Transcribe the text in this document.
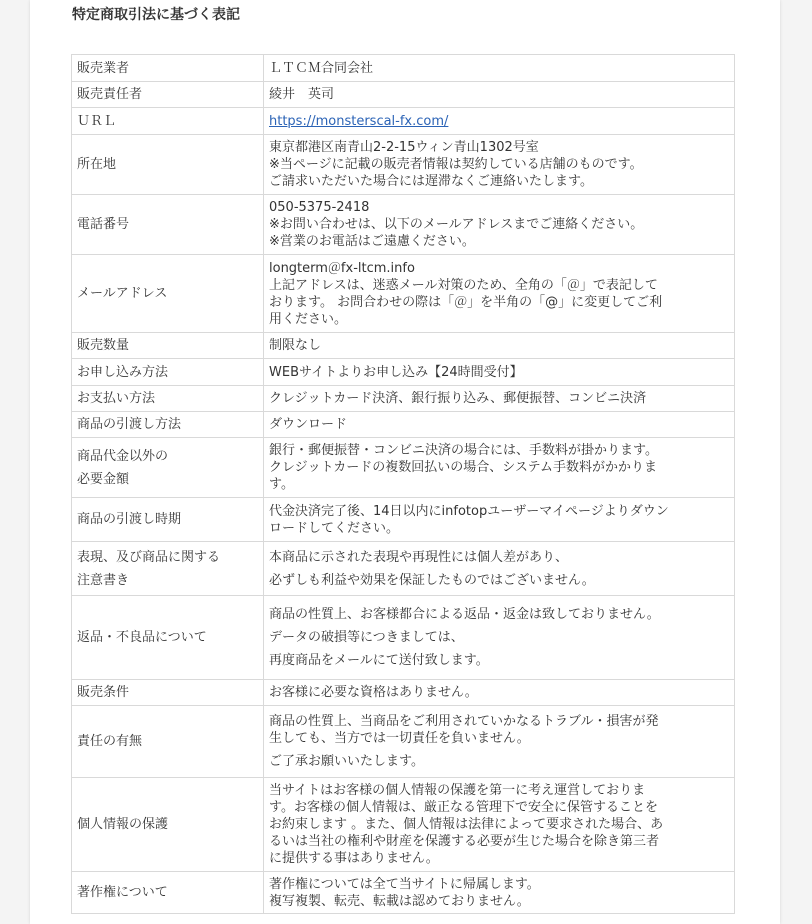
特定商取引法に基づく表記
販売業者	ＬＴＣＭ合同会社

販売責任者	綾井　英司

ＵＲＬ	https://monsterscal-fx.com/

所在地	東京都港区南青山2-2-15ウィン青山1302号室
※当ページに記載の販売者情報は契約している店舗のものです。
ご請求いただいた場合には遅滞なくご連絡いたします。

電話番号	050-5375-2418
※お問い合わせは、以下のメールアドレスまでご連絡ください。
※営業のお電話はご遠慮ください。

メールアドレス	longterm＠fx-ltcm.info
上記アドレスは、迷惑メール対策のため、全角の「＠」で表記して
おります。 お問合わせの際は「＠」を半角の「@」に変更してご利
用ください。

販売数量	制限なし

お申し込み方法	WEBサイトよりお申し込み【24時間受付】

お支払い方法	クレジットカード決済、銀行振り込み、郵便振替、コンビニ決済

商品の引渡し方法	ダウンロード

商品代金以外の
必要金額	銀行・郵便振替・コンビニ決済の場合には、手数料が掛かります。
クレジットカードの複数回払いの場合、システム手数料がかかりま
す。

商品の引渡し時期	代金決済完了後、14日以内にinfotopユーザーマイページよりダウン
ロードしてください。

表現、及び商品に関する
注意書き	本商品に示された表現や再現性には個人差があり、
必ずしも利益や効果を保証したものではございません。

返品・不良品について	商品の性質上、お客様都合による返品・返金は致しておりません。
データの破損等につきましては、
再度商品をメールにて送付致します。

販売条件	お客様に必要な資格はありません。

責任の有無	商品の性質上、当商品をご利用されていかなるトラブル・損害が発
生しても、当方では一切責任を負いません。
ご了承お願いいたします。

個人情報の保護	当サイトはお客様の個人情報の保護を第一に考え運営しておりま
す。お客様の個人情報は、厳正なる管理下で安全に保管することを
お約束します 。また、個人情報は法律によって要求された場合、あ
るいは当社の権利や財産を保護する必要が生じた場合を除き第三者
に提供する事はありません。

著作権について	著作権については全て当サイトに帰属します。
複写複製、転売、転載は認めておりません。
